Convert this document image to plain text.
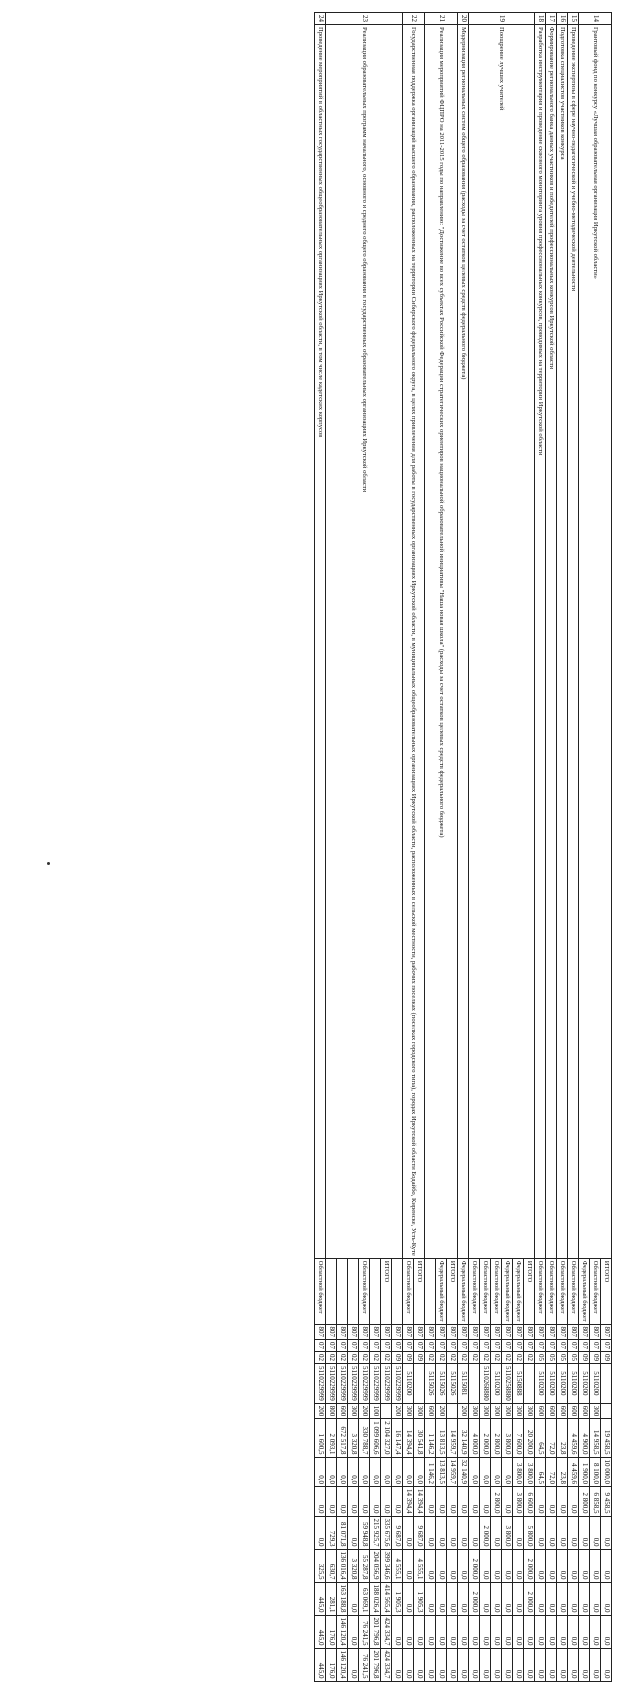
14	Грантовый фонд по конкурсу «Лучшая образовательная организация Иркутской области»	ИТОГО	807	07	09			19 458,5	10 000,0	9 458,5	0,0	0,0	0,0	0,0	0,0
		Областной бюджет	807	07	09	5110200	300	14 958,5	8 100,0	6 858,5	0,0	0,0	0,0	0,0	0,0
		Федеральный бюджет	807	07	09	5110200	600	4 900,0	1 900,0	2 800,0	0,0	0,0	0,0	0,0	0,0
15	Проведение экспертизы в сфере научно-педагогической и учебно-методической деятельности	Областной бюджет	807	07	05	5110200	600	4 459,6	4 459,6	0,0	0,0	0,0	0,0	0,0	0,0
16	Подготовка специалистов участников конкурса	Областной бюджет	807	07	05	5110200	600	23,8	23,8	0,0	0,0	0,0	0,0	0,0	0,0
17	Формирование регионального банка данных участников и победителей профессиональных конкурсов Иркутской области	Областной бюджет	807	07	05	5110200	600	72,0	72,0	0,0	0,0	0,0	0,0	0,0	0,0
18	Разработка инструментария и проведение сквозного мониторинга уровня профессиональных конкурсов, проводимых на территории Иркутской области	Областной бюджет	807	07	05	5110200	600	64,5	64,5	0,0	0,0	0,0	0,0	0,0	0,0
19	Поощрение лучших учителей	ИТОГО	807	07	02		300	20 200,0	3 800,0	6 600,0	5 800,0	2 000,0	2 000,0	0,0	0,0
		Федеральный бюджет	807	07	02	5150888	300	7 600,0	3 800,0	3 800,0	0,0	0,0	0,0	0,0	0,0
		Федеральный бюджет	807	07	02	5110258880	300	3 800,0	0,0	0,0	3 800,0	0,0	0,0	0,0	0,0
		Областной бюджет	807	07	02	5110200	300	2 800,0	0,0	2 800,0	0,0	0,0	0,0	0,0	0,0
		Областной бюджет	807	07	02	5110268880	300	2 000,0	0,0	0,0	2 000,0	0,0	0,0	0,0	0,0
		Областной бюджет	807	07	02		300	4 000,0	0,0	0,0	0,0	2 000,0	2 000,0	0,0	0,0
20	Модернизация региональных систем общего образования (расходы за счет остатков целевых средств федерального бюджета)	Федеральный бюджет	807	07	02	5115081	200	32 140,9	32 140,9	0,0	0,0	0,0	0,0	0,0	0,0
21	Реализация мероприятий ФЦПРО на 2011-2015 годы по направлению: "Достижение во всех субъектах Российской Федерации стратегических ориентиров национальной образовательной инициативы "Наша новая школа" (расходы за счет остатков целевых средств федерального бюджета)	ИТОГО	807	07	02	5115026		14 959,7	14 959,7	0,0	0,0	0,0	0,0	0,0	0,0
		Федеральный бюджет	807	07	02	5115026	200	13 813,5	13 813,5	0,0	0,0	0,0	0,0	0,0	0,0
			807	07	02	5115026	600	1 146,2	1 146,2	0,0	0,0	0,0	0,0	0,0	0,0
22	Государственная поддержка организаций высшего образования, расположенных на территории Сибирского федерального округа, в целях привлечения для работы в государственных организациях Иркутской области, в муниципальных общеобразовательных организациях Иркутской области, расположенных в сельской местности, рабочих поселках (поселках городского типа), городах Иркутской области Бодайбо, Киренске, Усть-Куте	ИТОГО	807	07	09		300	30 541,8	0,0	14 394,4	9 687,0	4 555,1	1 905,3	0,0	0,0
		Областной бюджет	807	07	09	5110200	300	14 394,4	0,0	14 394,4	0,0	0,0	0,0	0,0	0,0
23	Реализация образовательных программ начального, основного и среднего общего образования в государственных образовательных организациях Иркутской области		807	07	09	5110229999	200	16 147,4	0,0	0,0	9 687,0	4 555,1	1 905,3	0,0	0,0
		ИТОГО	807	07	02	5110229999		2 104 327,0	0,0	0,0	335 675,6	399 346,6	414 565,4	424 334,7	424 334,7
			807	07	02	5110229999	100	1 099 606,6	0,0	0,0	215 925,7	204 056,9	188 026,4	201 796,8	201 796,8
		Областной бюджет	807	07	02	5110229999	200	330 788,7	0,0	0,0	59 948,8	55 287,8	63 069,1	76 241,5	76 241,5
			807	07	02	5110229999	300	3 320,8	0,0	0,0	0,0	3 320,8	0,0	0,0	0,0
			807	07	02	5110229999	600	672 517,8	0,0	0,0	81 071,8	136 016,4	163 188,8	146 120,4	146 120,4
			807	07	02	5110229999	800	2 093,1	0,0	0,0	729,3	630,7	281,1	176,0	176,0
24	Проведение мероприятий в областных государственных общеобразовательных организациях Иркутской области, в том числе кадетских корпусов	Областной бюджет	807	07	02	5110229999	200	1 600,5	0,0	0,0	0,0	325,5	445,0	445,0	445,0
